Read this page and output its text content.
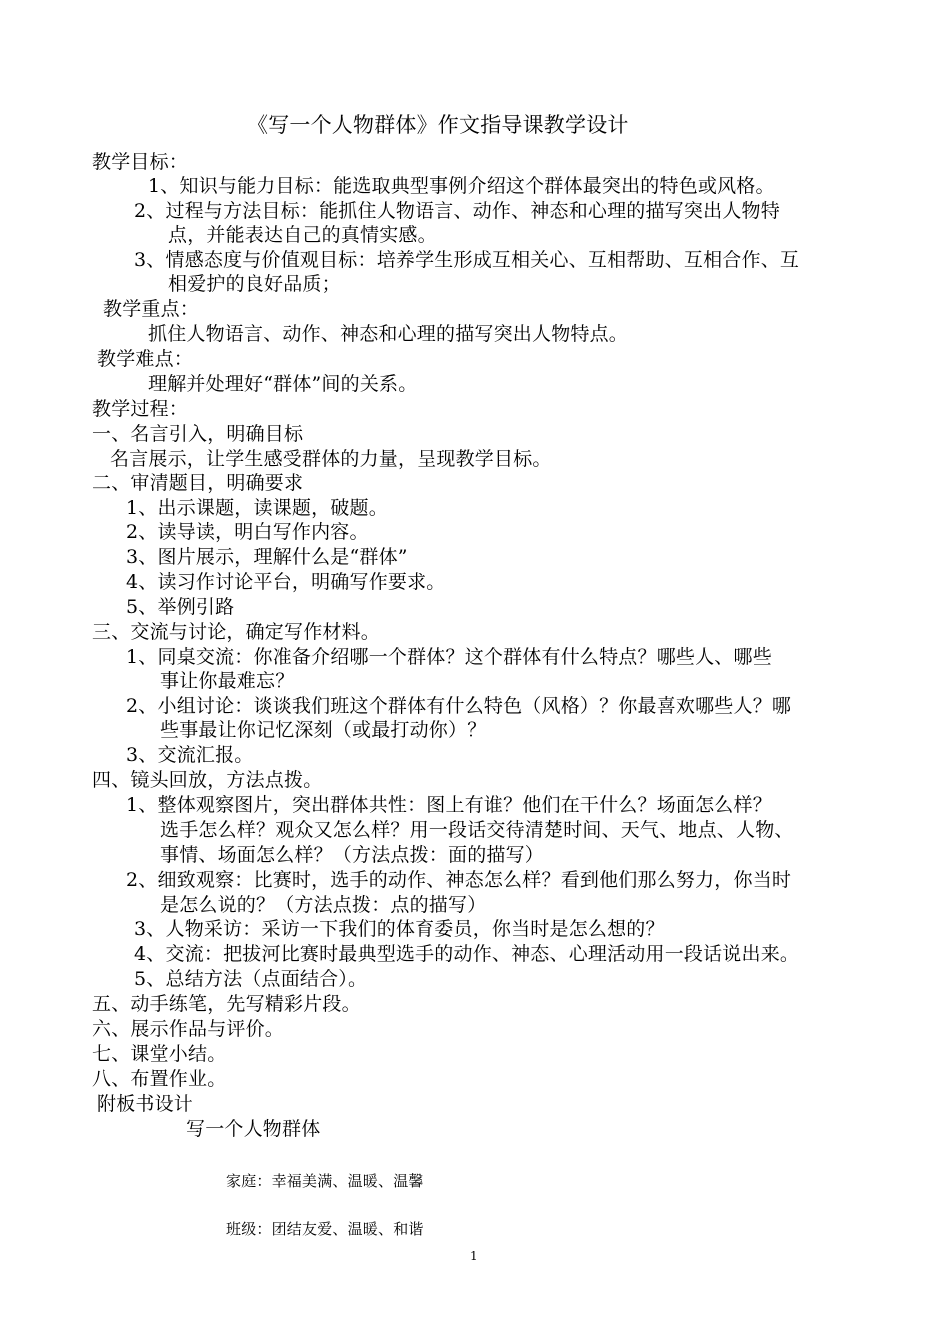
《写一个人物群体》作文指导课教学设计
教学目标：
1、知识与能力目标：能选取典型事例介绍这个群体最突出的特色或风格。
2、过程与方法目标：能抓住人物语言、动作、神态和心理的描写突出人物特
点，并能表达自己的真情实感。
3、情感态度与价值观目标：培养学生形成互相关心、互相帮助、互相合作、互
相爱护的良好品质；
教学重点：
抓住人物语言、动作、神态和心理的描写突出人物特点。
教学难点：
理解并处理好“群体”间的关系。
教学过程：
一、名言引入，明确目标
名言展示，让学生感受群体的力量，呈现教学目标。
二、审清题目，明确要求
1、出示课题，读课题，破题。
2、读导读，明白写作内容。
3、图片展示，理解什么是“群体”
4、读习作讨论平台，明确写作要求。
5、举例引路
三、交流与讨论，确定写作材料。
1、同桌交流：你准备介绍哪一个群体？这个群体有什么特点？哪些人、哪些
事让你最难忘？
2、小组讨论：谈谈我们班这个群体有什么特色（风格）？你最喜欢哪些人？哪
些事最让你记忆深刻（或最打动你）？
3、交流汇报。
四、镜头回放，方法点拨。
1、整体观察图片，突出群体共性：图上有谁？他们在干什么？场面怎么样？
选手怎么样？观众又怎么样？用一段话交待清楚时间、天气、地点、人物、
事情、场面怎么样？（方法点拨：面的描写）
2、细致观察：比赛时，选手的动作、神态怎么样？看到他们那么努力，你当时
是怎么说的？（方法点拨：点的描写）
3、人物采访：采访一下我们的体育委员，你当时是怎么想的？
4、交流：把拔河比赛时最典型选手的动作、神态、心理活动用一段话说出来。
5、总结方法（点面结合）。
五、动手练笔，先写精彩片段。
六、展示作品与评价。
七、课堂小结。
八、布置作业。
附板书设计
写一个人物群体
家庭：幸福美满、温暖、温馨
班级：团结友爱、温暖、和谐
1
